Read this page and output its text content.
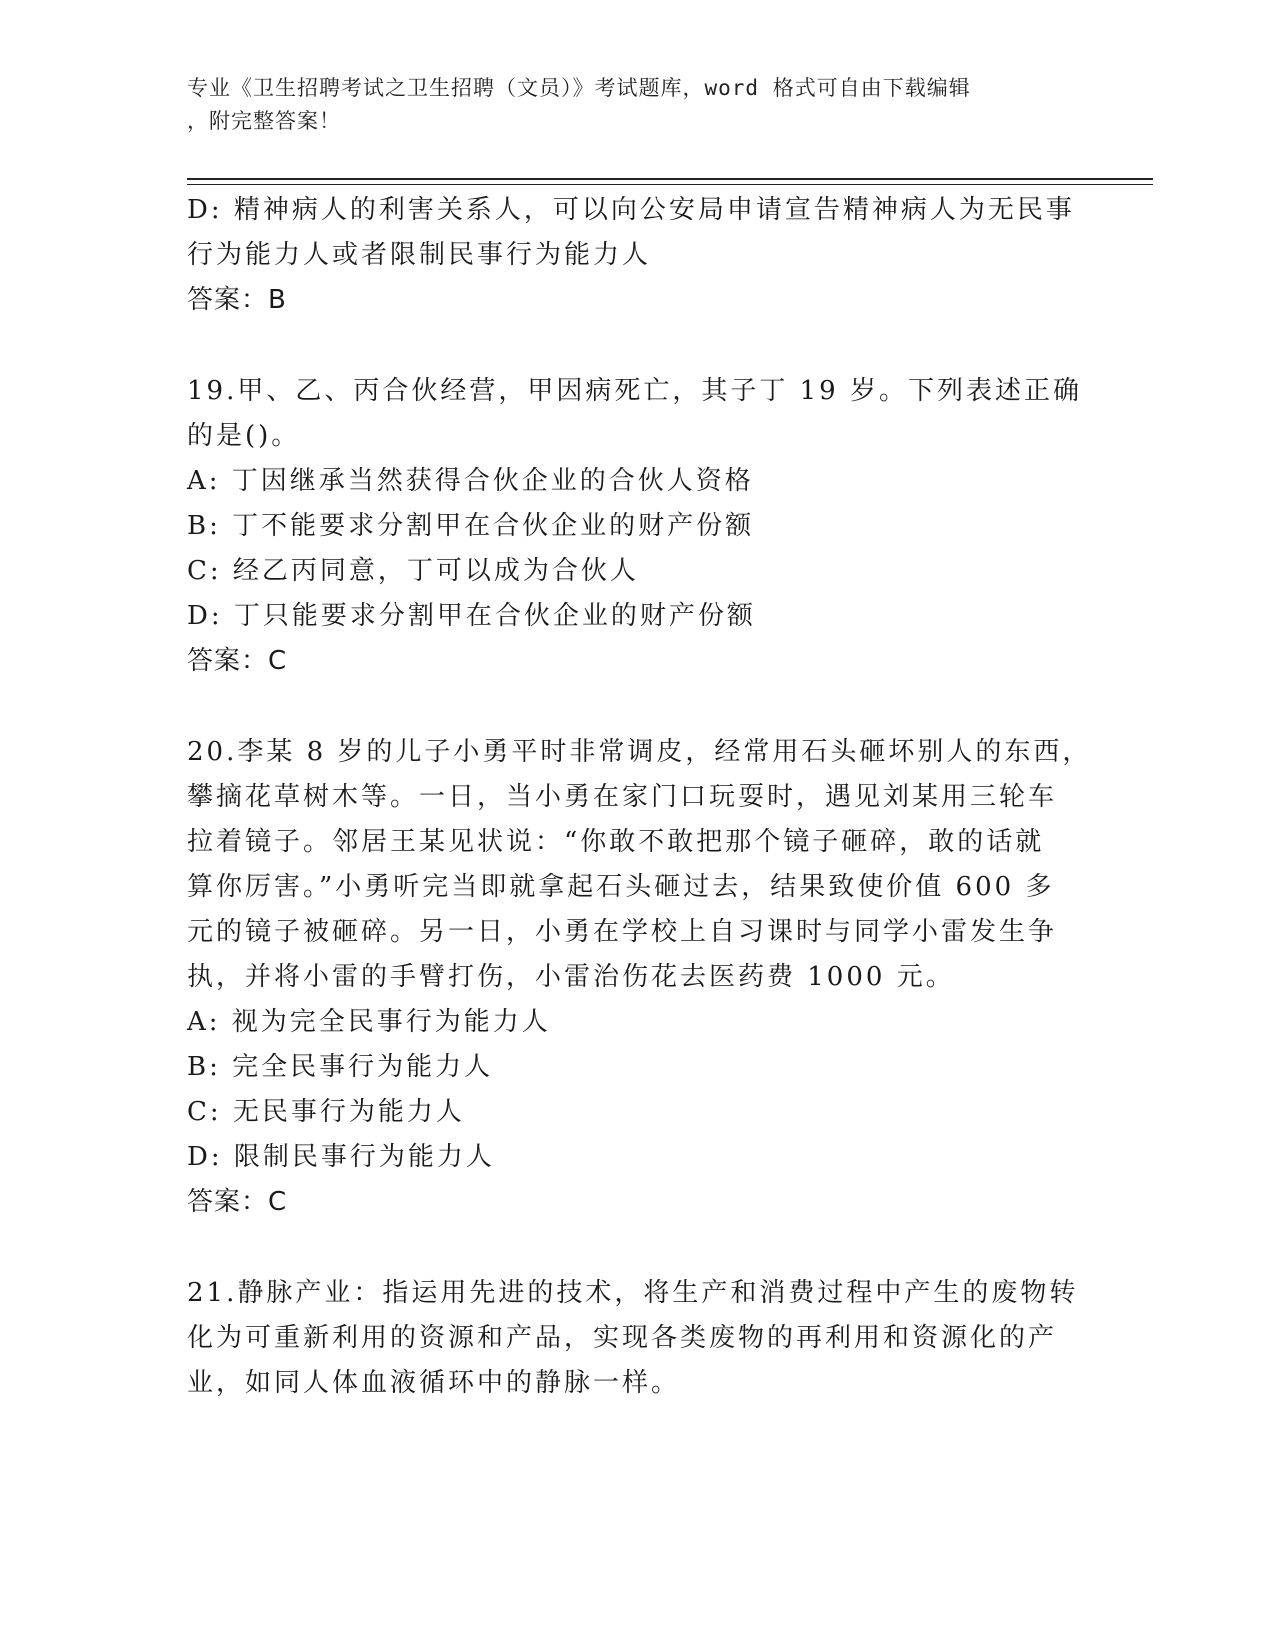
专业《卫生招聘考试之卫生招聘（文员）》考试题库，word 格式可自由下载编辑
，附完整答案！
D: 精神病人的利害关系人，可以向公安局申请宣告精神病人为无民事
行为能力人或者限制民事行为能力人
答案：B
19.甲、乙、丙合伙经营，甲因病死亡，其子丁 19 岁。下列表述正确
的是()。
A: 丁因继承当然获得合伙企业的合伙人资格
B: 丁不能要求分割甲在合伙企业的财产份额
C: 经乙丙同意，丁可以成为合伙人
D: 丁只能要求分割甲在合伙企业的财产份额
答案：C
20.李某 8 岁的儿子小勇平时非常调皮，经常用石头砸坏别人的东西，
攀摘花草树木等。一日，当小勇在家门口玩耍时，遇见刘某用三轮车
拉着镜子。邻居王某见状说：“你敢不敢把那个镜子砸碎，敢的话就
算你厉害。”小勇听完当即就拿起石头砸过去，结果致使价值 600 多
元的镜子被砸碎。另一日，小勇在学校上自习课时与同学小雷发生争
执，并将小雷的手臂打伤，小雷治伤花去医药费 1000 元。
A: 视为完全民事行为能力人
B: 完全民事行为能力人
C: 无民事行为能力人
D: 限制民事行为能力人
答案：C
21.静脉产业：指运用先进的技术，将生产和消费过程中产生的废物转
化为可重新利用的资源和产品，实现各类废物的再利用和资源化的产
业，如同人体血液循环中的静脉一样。
